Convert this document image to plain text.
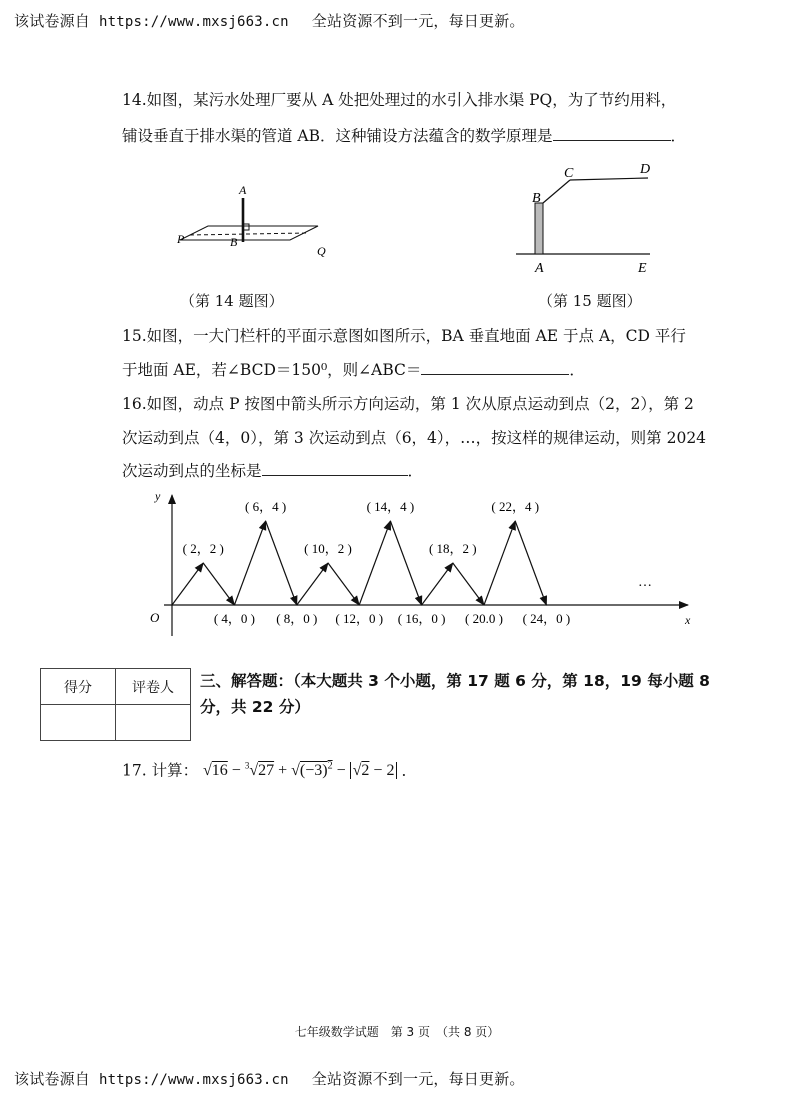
该试卷源自 https://www.mxsj663.cn 全站资源不到一元，每日更新。
14.如图，某污水处理厂要从 A 处把处理过的水引入排水渠 PQ，为了节约用料，
铺设垂直于排水渠的管道 AB．这种铺设方法蕴含的数学原理是	．
A
B
P
Q
（第 14 题图）
B
C	D
A	E
（第 15 题图）
15.如图，一大门栏杆的平面示意图如图所示，BA 垂直地面 AE 于点 A，CD 平行
于地面 AE，若∠BCD＝150⁰，则∠ABC＝	．
16.如图，动点 P 按图中箭头所示方向运动，第 1 次从原点运动到点（2，2），第 2
次运动到点（4，0），第 3 次运动到点（6，4），…，按这样的规律运动，则第 2024
次运动到点的坐标是	．
x
y
O
…
( 2，2 )
( 4，0 )
( 6，4 )
( 8，0 )
( 10，2 )
( 12，0 )
( 14，4 )
( 16，0 )
( 18，2 )
( 20.0 )
( 22，4 )
( 24，0 )
得分	评卷人
	三、解答题：（本大题共 3 个小题，第 17 题 6 分，第 18，19 每小题 8
分，共 22 分）
17. 计算： $√16 - ^3√27 + √(-3)^2 - √2 - 2$ ．
七年级数学试题　第 3 页　（共 8 页）
该试卷源自 https://www.mxsj663.cn 全站资源不到一元，每日更新。
